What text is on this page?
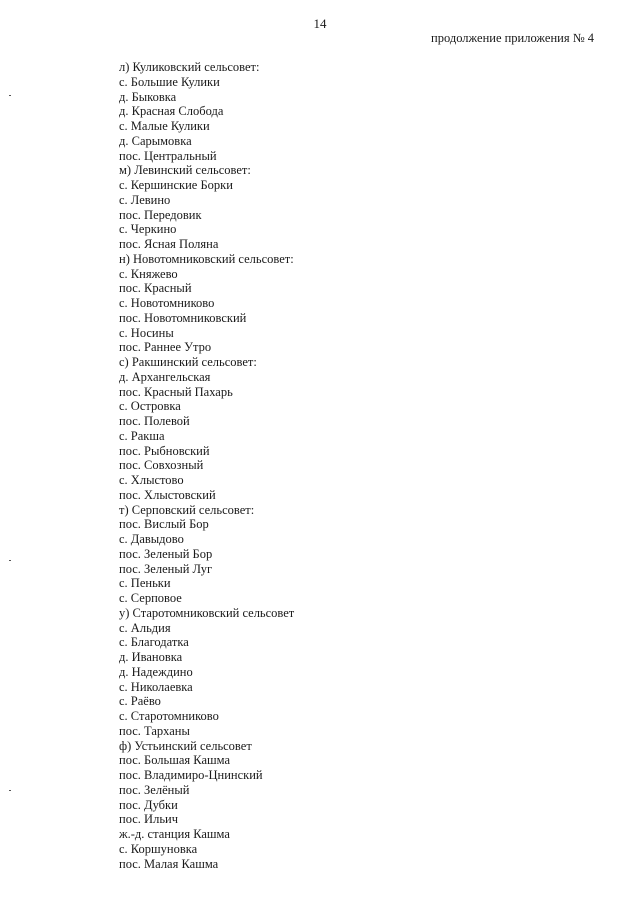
14
продолжение приложения № 4
л) Куликовский сельсовет:
с. Большие Кулики
д. Быковка
д. Красная Слобода
с. Малые Кулики
д. Сарымовка
пос. Центральный
м) Левинский сельсовет:
с. Кершинские Борки
с. Левино
пос. Передовик
с. Черкино
пос. Ясная Поляна
н) Новотомниковский сельсовет:
с. Княжево
пос. Красный
с. Новотомниково
пос. Новотомниковский
с. Носины
пос. Раннее Утро
с) Ракшинский сельсовет:
д. Архангельская
пос. Красный Пахарь
с. Островка
пос. Полевой
с. Ракша
пос. Рыбновский
пос. Совхозный
с. Хлыстово
пос. Хлыстовский
т) Серповский сельсовет:
пос. Вислый Бор
с. Давыдово
пос. Зеленый Бор
пос. Зеленый Луг
с. Пеньки
с. Серповое
у) Старотомниковский сельсовет
с. Альдия
с. Благодатка
д. Ивановка
д. Надеждино
с. Николаевка
с. Раёво
с. Старотомниково
пос. Тарханы
ф) Устьинский сельсовет
пос. Большая Кашма
пос. Владимиро-Цнинский
пос. Зелёный
пос. Дубки
пос. Ильич
ж.-д. станция Кашма
с. Коршуновка
пос. Малая Кашма
